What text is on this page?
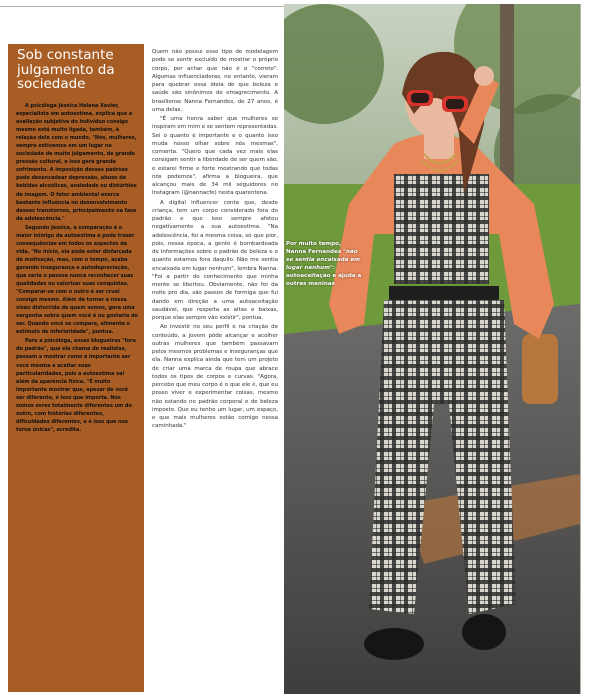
A psicóloga Jéssica Helena Xavier, especialista em autoestima, explica que a avaliação subjetiva do indivíduo consigo mesmo está muito ligada, também, à relação dele com o mundo. "Nós, mulheres, sempre estivemos em um lugar na sociedade de muito julgamento, de grande pressão cultural, e isso gera grande sofrimento. A imposição desses padrões pode desencadear depressão, abuso de bebidas alcoólicas, ansiedade ou distúrbios de imagem. O fator ambiental exerce bastante influência no desenvolvimento desses transtornos, principalmente na fase da adolescência."

Segundo Jéssica, a comparação é o maior inimigo da autoestima e pode trazer consequências em todos os aspectos da vida. "No início, ela pode estar disfarçada de motivação, mas, com o tempo, acaba gerando insegurança e autodepreciação, que seria o pessoa nunca reconhecer suas qualidades ou valorizar suas conquistas. "Comparar-se com o outro é ser cruel consigo mesmo. Além de tornar a nossa visão distorcida de quem somos, gera uma vergonha sobre quem você é ou gostaria de ser. Quando você se compara, alimenta o estímulo de inferioridade", pontua.

Para a psicóloga, essas blogueiras "fora do padrão", que ela chama de realistas, passam a mostrar como é importante ser você mesma e aceitar suas particularidades, pois a autoestima vai além da aparência física. "É muito importante mostrar que, apesar de você ser diferente, é isso que importa. Nós somos seres totalmente diferentes um do outro, com histórias diferentes, dificuldades diferentes, e é isso que nos torna únicas", acredita.

Sob constante julgamento da sociedade

Quem não possui esse tipo de modelagem pode se sentir excluído de mostrar o próprio corpo, por achar que não é o "correto". Algumas influenciadoras, no entanto, vieram para quebrar essa ideia de que beleza e saúde são sinônimos de emagrecimento. A brasiliense Nanna Fernandes, de 27 anos, é uma delas.

"É uma honra saber que mulheres se inspiram em mim e se sentem representadas. Sei o quanto é importante e o quanto isso muda nosso olhar sobre nós mesmas", comenta. "Quero que cada vez mais elas consigam sentir a liberdade de ser quem são, e estarei firme e forte mostrando que todas nós podemos", afirma a blogueira, que alcançou mais de 34 mil seguidores no Instagram (@nannacfe) nesta quarentena.

A digital influencer conta que, desde criança, tem um corpo considerado fora do padrão e que isso sempre afetou negativamente a sua autoestima. "Na adolescência, foi a mesma coisa, só que pior, pois, nessa época, a gente é bombardeada de informações sobre o padrão de beleza e o quanto estamos fora daquilo. Não me sentia encaixada em lugar nenhum", lembra Nanna. "Foi a partir do conhecimento que minha mente se libertou. Obviamente, não foi da noite pro dia, são passos de formiga que fui dando em direção a uma autoaceitação saudável, que respeita as altas e baixas, porque elas sempre vão existir", pontua.

Ao investir no seu perfil e na criação de conteúdo, a jovem pôde alcançar e acolher outras mulheres que também passavam pelos mesmos problemas e inseguranças que ela. Nanna explica ainda que tem um projeto de criar uma marca de roupa que abrace todos os tipos de corpos e curvas. "Agora, percebo que meu corpo é o que ele é, que eu posso viver e experimentar coisas, mesmo não estando no padrão corporal e de beleza imposto. Que eu tenho um lugar, um espaço, e que mais mulheres estão comigo nessa caminhada."

Por muito tempo, Nanna Fernandes "não se sentia encaixada em lugar nenhum": autoaceitação e ajuda a outras meninas
